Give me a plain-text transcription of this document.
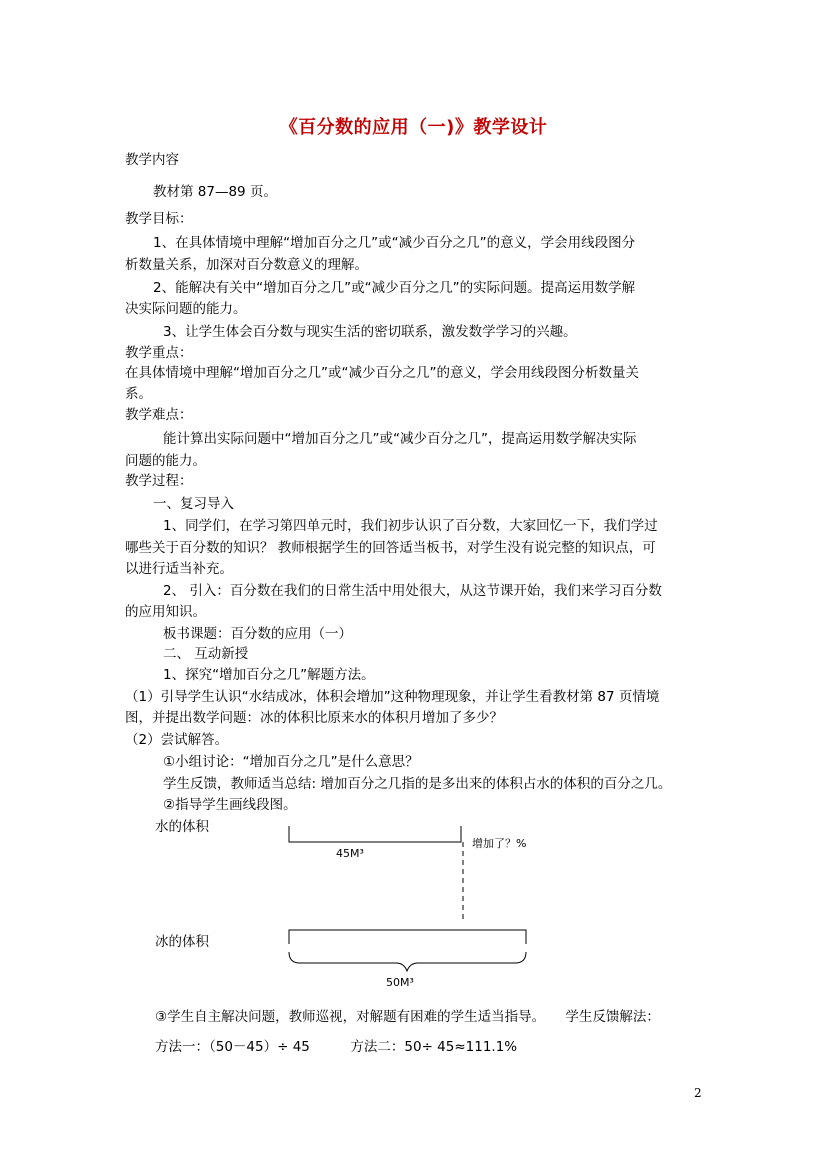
《百分数的应用（一)》教学设计

教学内容

教材第 87—89 页。

教学目标：

1、在具体情境中理解“增加百分之几”或“减少百分之几”的意义，学会用线段图分

析数量关系，加深对百分数意义的理解。

2、能解决有关中“增加百分之几”或“减少百分之几”的实际问题。提高运用数学解

决实际问题的能力。

3、让学生体会百分数与现实生活的密切联系，激发数学学习的兴趣。

教学重点：

在具体情境中理解“增加百分之几”或“减少百分之几”的意义，学会用线段图分析数量关

系。

教学难点：

能计算出实际问题中“增加百分之几”或“减少百分之几”，提高运用数学解决实际

问题的能力。

教学过程：

一、复习导入

1、同学们，在学习第四单元时，我们初步认识了百分数，大家回忆一下，我们学过

哪些关于百分数的知识？ 教师根据学生的回答适当板书，对学生没有说完整的知识点，可

以进行适当补充。

2、 引入：百分数在我们的日常生活中用处很大，从这节课开始，我们来学习百分数

的应用知识。

板书课题：百分数的应用（一）

二、 互动新授

1、探究“增加百分之几”解题方法。

（1）引导学生认识“水结成冰，体积会增加”这种物理现象，并让学生看教材第 87 页情境

图，并提出数学问题：冰的体积比原来水的体积月增加了多少？

（2）尝试解答。

①小组讨论：“增加百分之几”是什么意思？

学生反馈，教师适当总结: 增加百分之几指的是多出来的体积占水的体积的百分之几。

②指导学生画线段图。

水的体积
45M³
增加了？%
冰的体积
50M³

③学生自主解决问题，教师巡视，对解题有困难的学生适当指导。　　学生反馈解法：

方法一：（50－45）÷ 45　　　方法二：50÷ 45≈111.1%

2
